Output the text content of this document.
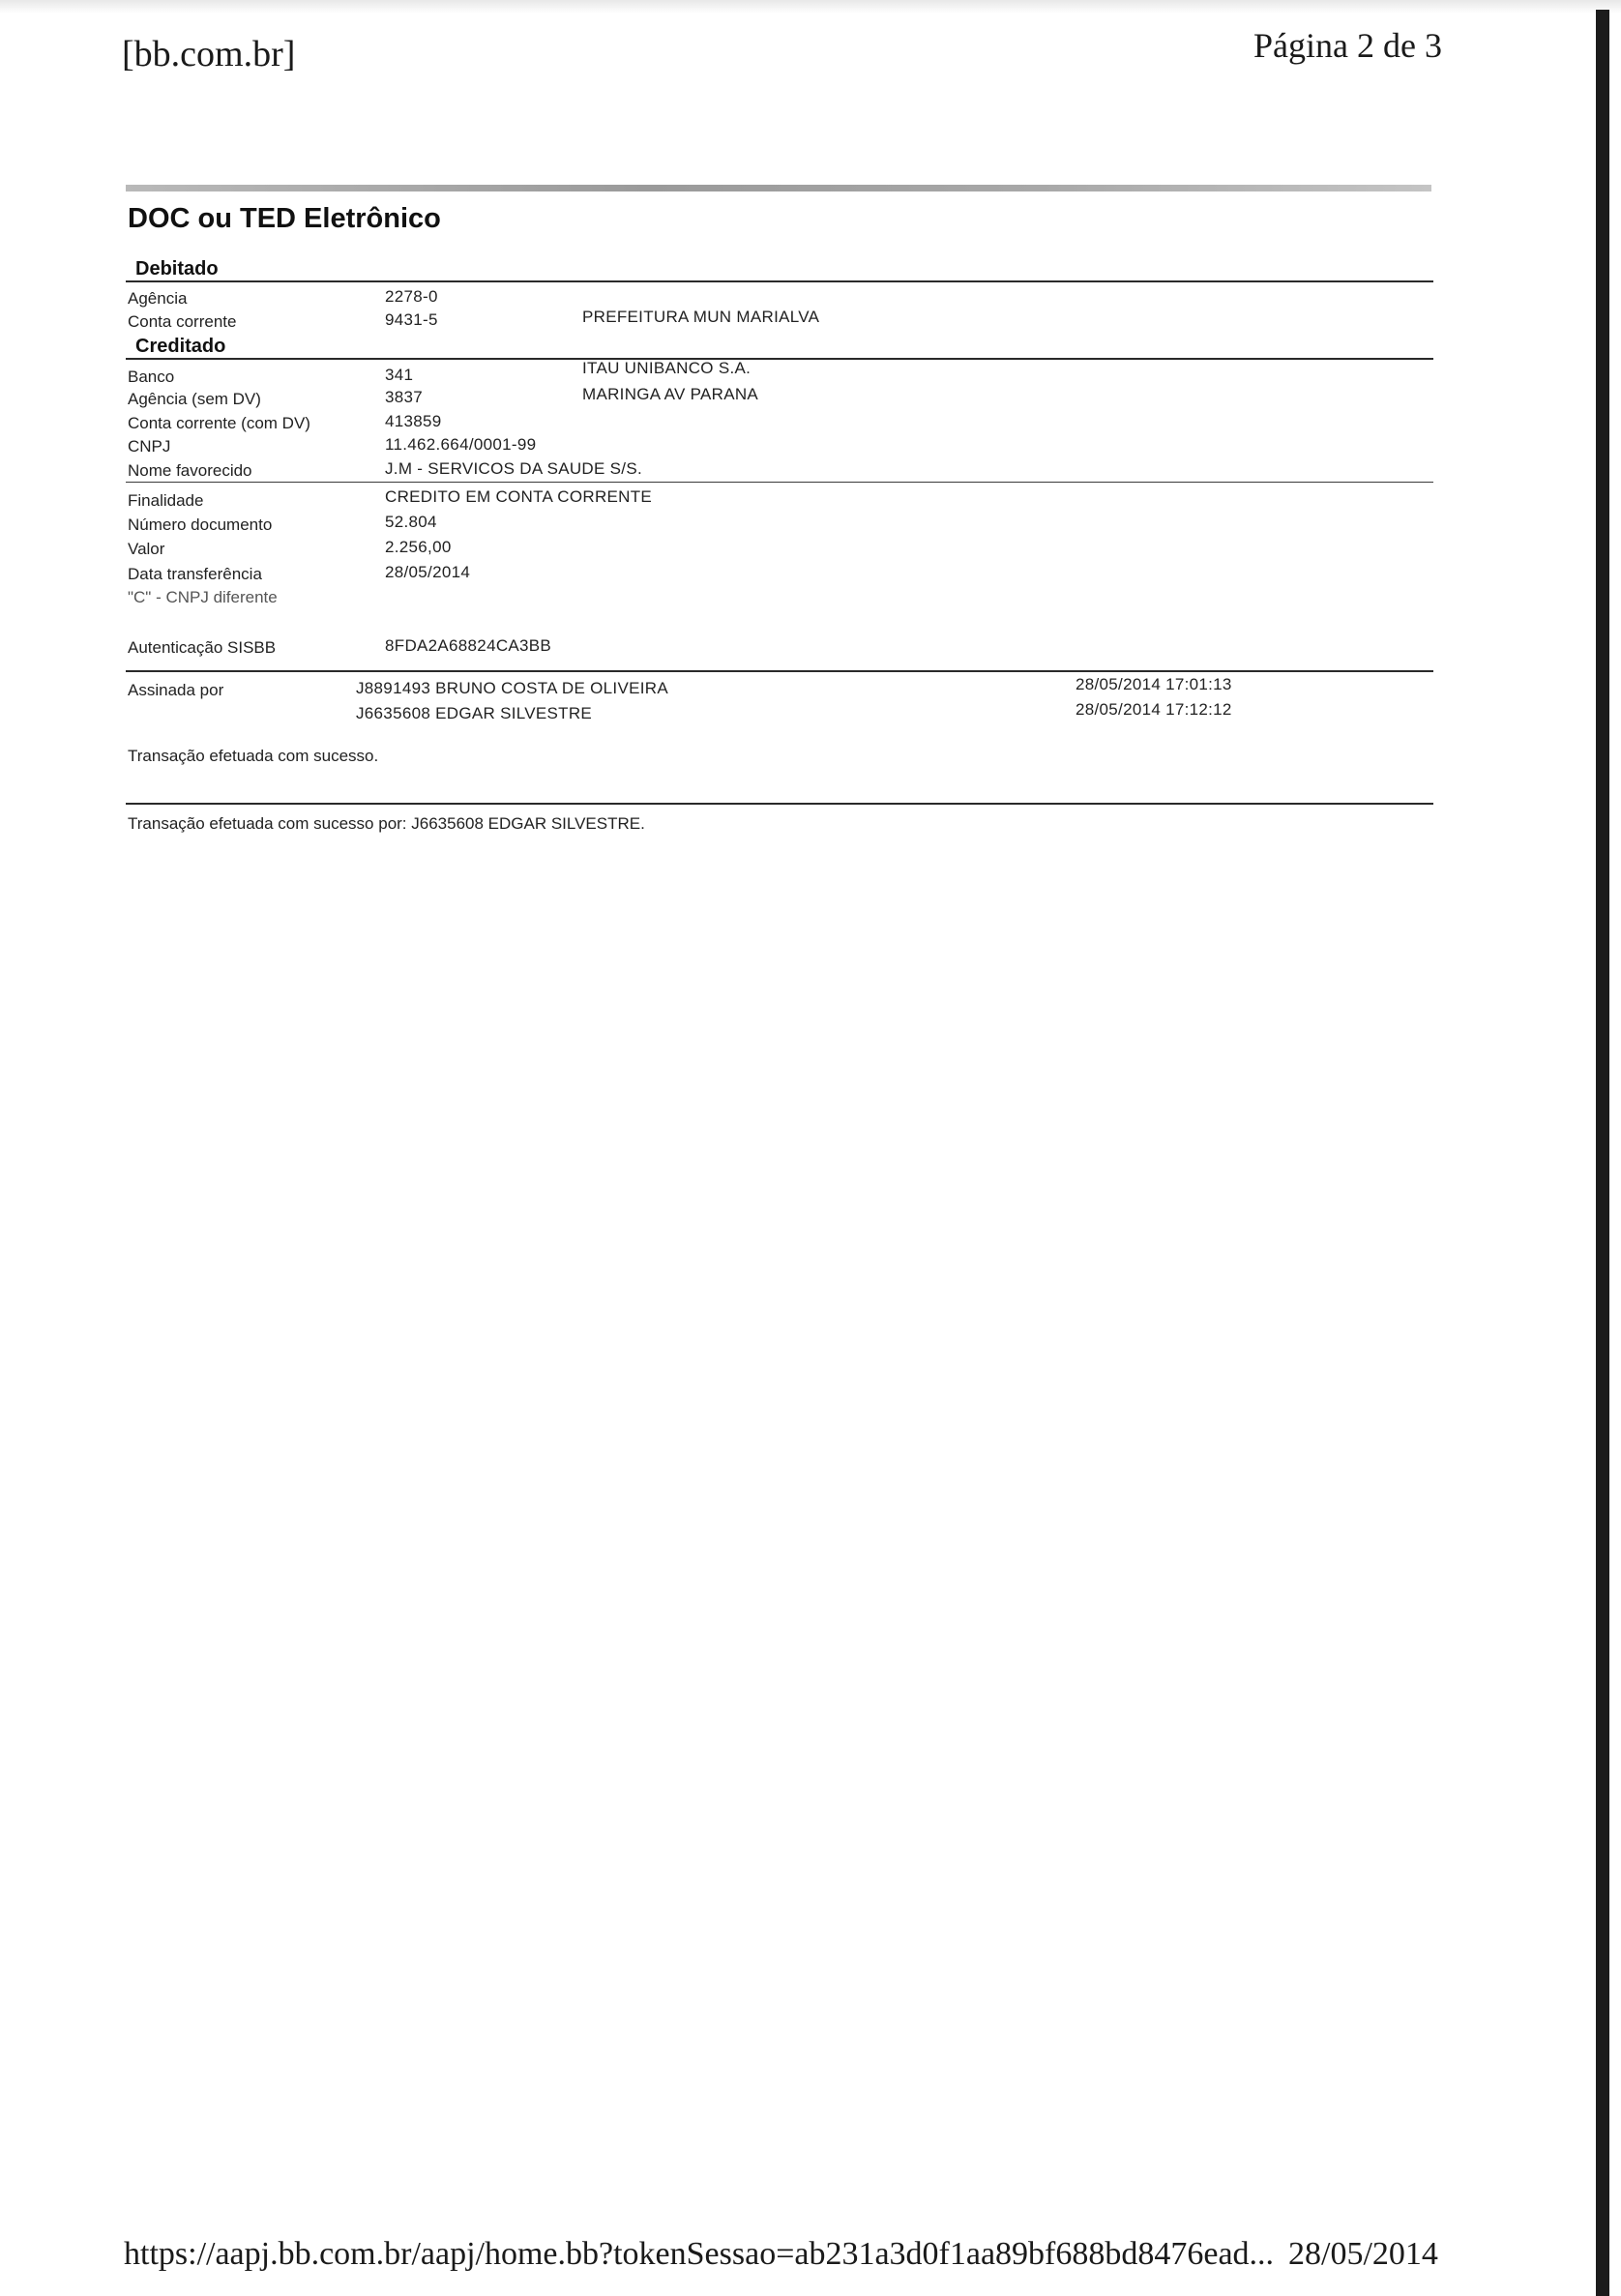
[bb.com.br]	Página 2 de 3
DOC ou TED Eletrônico
Debitado
Agência	2278-0
Conta corrente	9431-5	PREFEITURA MUN MARIALVA
Creditado
Banco	341	ITAU UNIBANCO S.A.
Agência (sem DV)	3837	MARINGA AV PARANA
Conta corrente (com DV)	413859
CNPJ	11.462.664/0001-99
Nome favorecido	J.M - SERVICOS DA SAUDE S/S.
Finalidade	CREDITO EM CONTA CORRENTE
Número documento	52.804
Valor	2.256,00
Data transferência	28/05/2014
"C" - CNPJ diferente
Autenticação SISBB	8FDA2A68824CA3BB
Assinada por	J8891493 BRUNO COSTA DE OLIVEIRA	28/05/2014 17:01:13
J6635608 EDGAR SILVESTRE	28/05/2014 17:12:12
Transação efetuada com sucesso.
Transação efetuada com sucesso por: J6635608 EDGAR SILVESTRE.
https://aapj.bb.com.br/aapj/home.bb?tokenSessao=ab231a3d0f1aa89bf688bd8476ead... 28/05/2014
